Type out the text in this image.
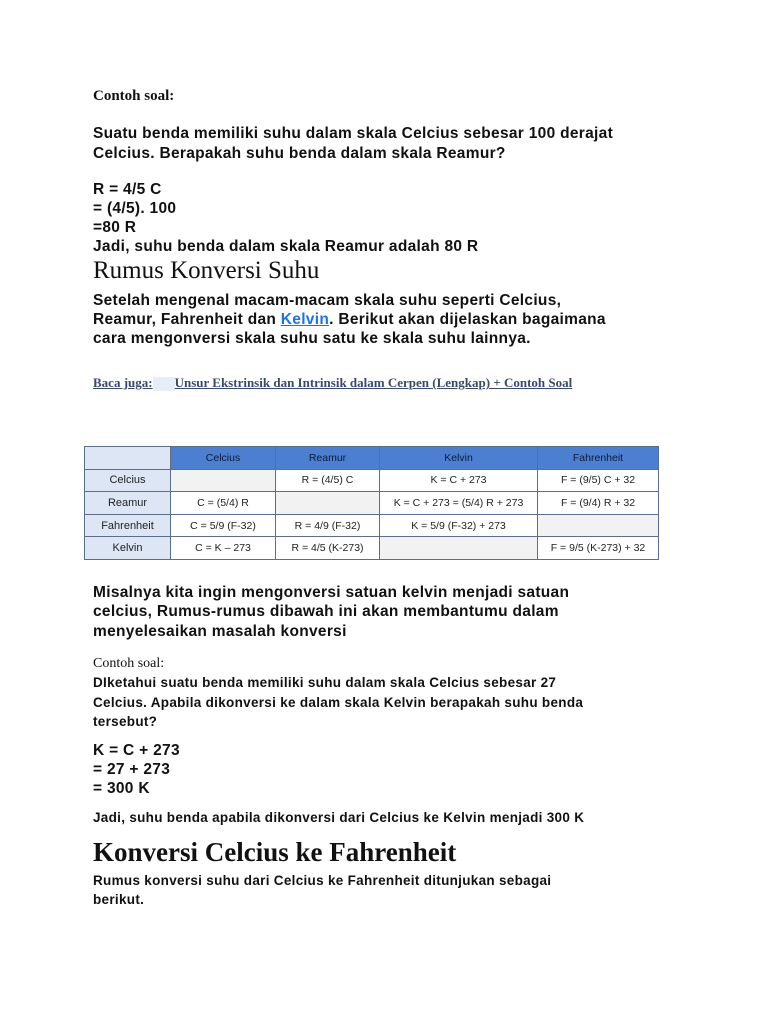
Contoh soal:

Suatu benda memiliki suhu dalam skala Celcius sebesar 100 derajat

Celcius. Berapakah suhu benda dalam skala Reamur?

R = 4/5 C

= (4/5). 100

=80 R

Jadi, suhu benda dalam skala Reamur adalah 80 R

Rumus Konversi Suhu

Setelah mengenal macam-macam skala suhu seperti Celcius,

Reamur, Fahrenheit dan Kelvin. Berikut akan dijelaskan bagaimana

cara mengonversi skala suhu satu ke skala suhu lainnya.

Baca juga: Unsur Ekstrinsik dan Intrinsik dalam Cerpen (Lengkap) + Contoh Soal

	Celcius	Reamur	Kelvin	Fahrenheit
Celcius		R = (4/5) C	K = C + 273	F = (9/5) C + 32
Reamur	C = (5/4) R		K = C + 273 = (5/4) R + 273	F = (9/4) R + 32
Fahrenheit	C = 5/9 (F-32)	R = 4/9 (F-32)	K = 5/9 (F-32) + 273	
Kelvin	C = K – 273	R = 4/5 (K-273)		F = 9/5 (K-273) + 32

Misalnya kita ingin mengonversi satuan kelvin menjadi satuan

celcius, Rumus-rumus dibawah ini akan membantumu dalam

menyelesaikan masalah konversi

Contoh soal:

DIketahui suatu benda memiliki suhu dalam skala Celcius sebesar 27

Celcius. Apabila dikonversi ke dalam skala Kelvin berapakah suhu benda

tersebut?

K = C + 273

= 27 + 273

= 300 K

Jadi, suhu benda apabila dikonversi dari Celcius ke Kelvin menjadi 300 K

Konversi Celcius ke Fahrenheit

Rumus konversi suhu dari Celcius ke Fahrenheit ditunjukan sebagai

berikut.
